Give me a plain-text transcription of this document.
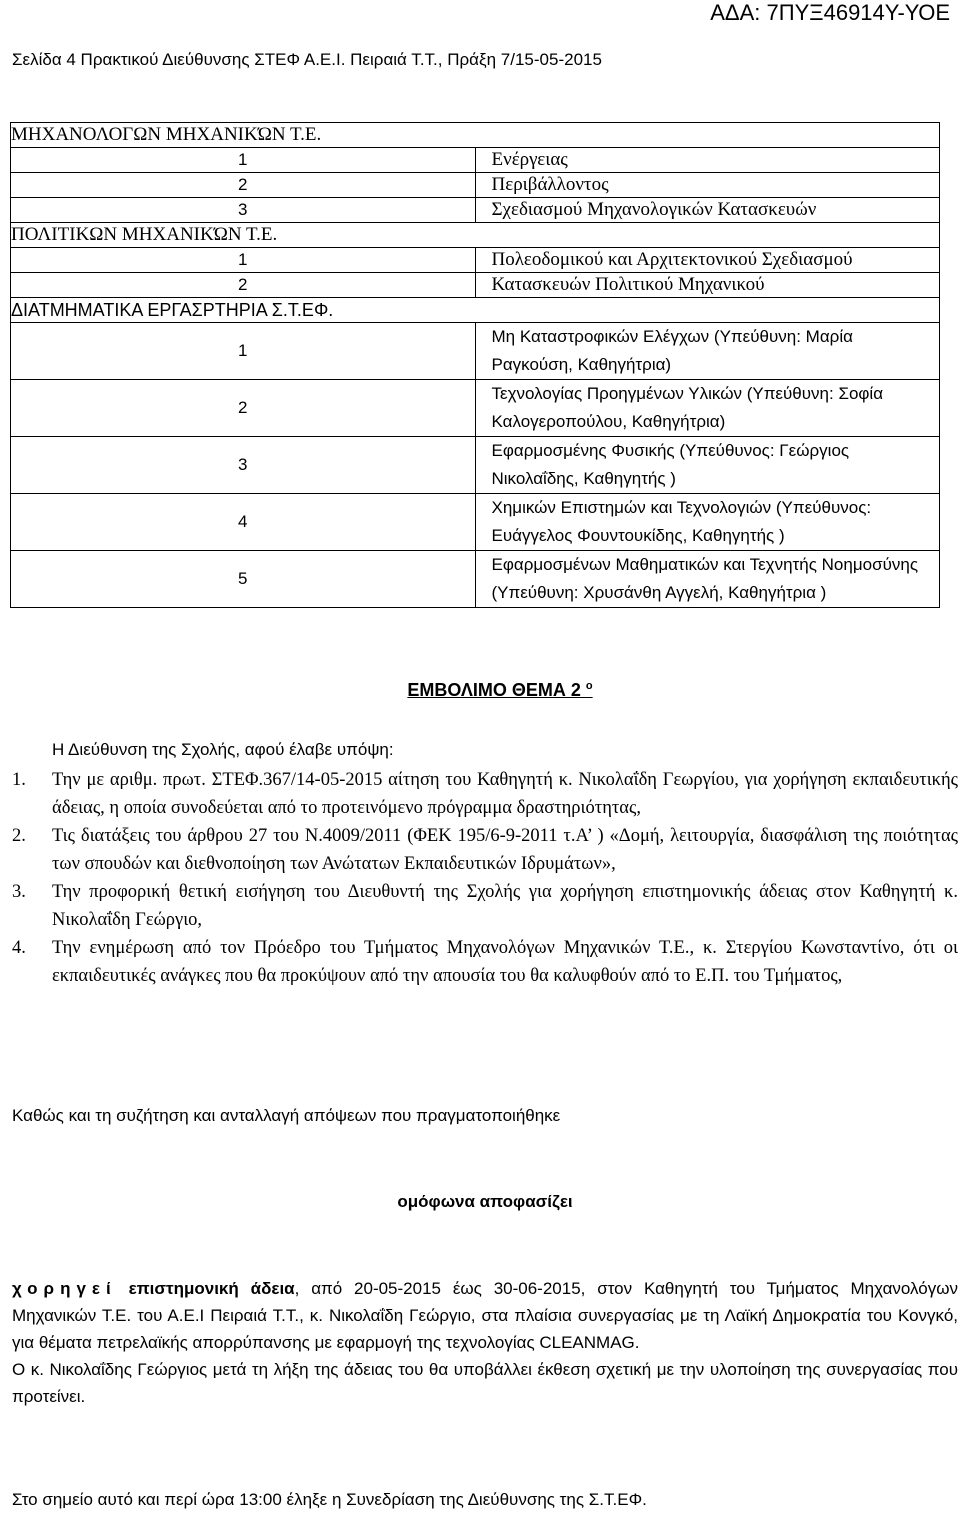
ΑΔΑ: 7ΠΥΞ46914Υ-ΥΟΕ
Σελίδα 4 Πρακτικού Διεύθυνσης ΣΤΕΦ Α.Ε.Ι. Πειραιά Τ.Τ., Πράξη 7/15-05-2015
ΜΗΧΑΝΟΛΟΓΩΝ ΜΗΧΑΝΙΚΏΝ Τ.Ε.	
1	Ενέργειας
2	Περιβάλλοντος
3	Σχεδιασμού Μηχανολογικών Κατασκευών
ΠΟΛΙΤΙΚΩΝ ΜΗΧΑΝΙΚΏΝ Τ.Ε.	
1	Πολεοδομικού και Αρχιτεκτονικού Σχεδιασμού
2	Κατασκευών Πολιτικού Μηχανικού
ΔΙΑΤΜΗΜΑΤΙΚΑ ΕΡΓΑΣΡΤΗΡΙΑ Σ.Τ.ΕΦ.	
1	Μη Καταστροφικών Ελέγχων (Υπεύθυνη: Μαρία Ραγκούση, Καθηγήτρια)
2	Τεχνολογίας Προηγμένων Υλικών (Υπεύθυνη: Σοφία Καλογεροπούλου, Καθηγήτρια)
3	Εφαρμοσμένης Φυσικής (Υπεύθυνος: Γεώργιος Νικολαΐδης, Καθηγητής )
4	Χημικών Επιστημών και Τεχνολογιών (Υπεύθυνος: Ευάγγελος Φουντουκίδης, Καθηγητής )
5	Εφαρμοσμένων Μαθηματικών και Τεχνητής Νοημοσύνης (Υπεύθυνη: Χρυσάνθη Αγγελή, Καθηγήτρια )
ΕΜΒΟΛΙΜΟ ΘΕΜΑ 2 $^o$
Η Διεύθυνση της Σχολής, αφού έλαβε υπόψη:
1. Την με αριθμ. πρωτ. ΣΤΕΦ.367/14-05-2015 αίτηση του Καθηγητή κ. Νικολαΐδη Γεωργίου, για χορήγηση εκπαιδευτικής άδειας, η οποία συνοδεύεται από το προτεινόμενο πρόγραμμα δραστηριότητας,
2. Τις διατάξεις του άρθρου 27 του Ν.4009/2011 (ΦΕΚ 195/6-9-2011 τ.Α’ ) «Δομή, λειτουργία, διασφάλιση της ποιότητας των σπουδών και διεθνοποίηση των Ανώτατων Εκπαιδευτικών Ιδρυμάτων»,
3. Την προφορική θετική εισήγηση του Διευθυντή της Σχολής για χορήγηση επιστημονικής άδειας στον Καθηγητή κ. Νικολαΐδη Γεώργιο,
4. Την ενημέρωση από τον Πρόεδρο του Τμήματος Μηχανολόγων Μηχανικών Τ.Ε., κ. Στεργίου Κωνσταντίνο, ότι οι εκπαιδευτικές ανάγκες που θα προκύψουν από την απουσία του θα καλυφθούν από το Ε.Π. του Τμήματος,
Καθώς και τη συζήτηση και ανταλλαγή απόψεων που πραγματοποιήθηκε
ομόφωνα αποφασίζει
χορηγεί επιστημονική άδεια, από 20-05-2015 έως 30-06-2015, στον Καθηγητή του Τμήματος Μηχανολόγων Μηχανικών Τ.Ε. του Α.Ε.Ι Πειραιά Τ.Τ., κ. Νικολαΐδη Γεώργιο, στα πλαίσια συνεργασίας με τη Λαϊκή Δημοκρατία του Κονγκό, για θέματα πετρελαϊκής απορρύπανσης με εφαρμογή της τεχνολογίας CLEANMAG.
Ο κ. Νικολαΐδης Γεώργιος μετά τη λήξη της άδειας του θα υποβάλλει έκθεση σχετική με την υλοποίηση της συνεργασίας που προτείνει.
Στο σημείο αυτό και περί ώρα 13:00 έληξε η Συνεδρίαση της Διεύθυνσης της Σ.Τ.ΕΦ.
